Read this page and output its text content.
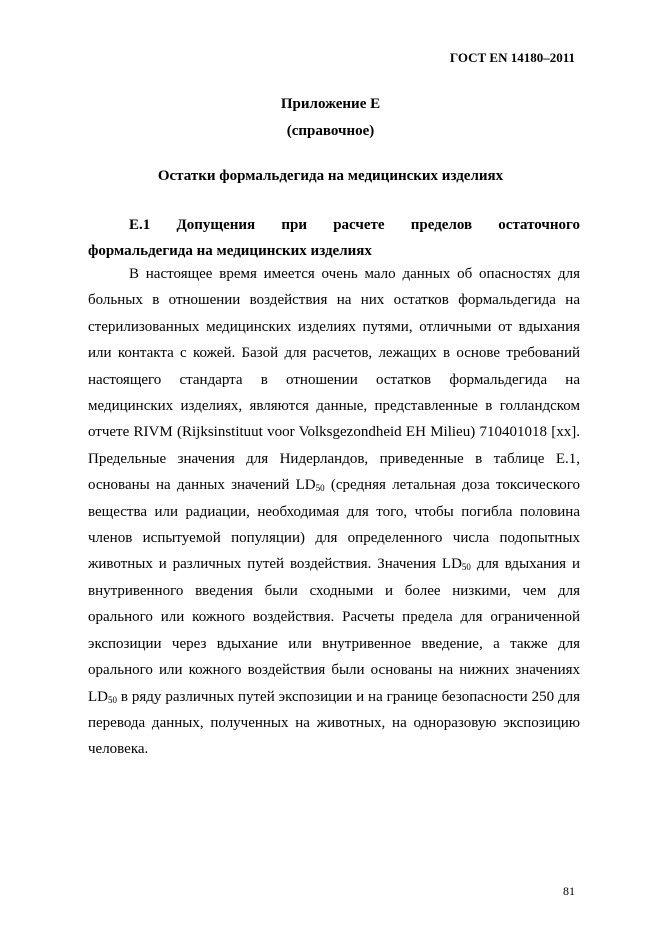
ГОСТ EN 14180–2011
Приложение Е
(справочное)
Остатки формальдегида на медицинских изделиях
Е.1 Допущения при расчете пределов остаточного
формальдегида на медицинских изделиях
В настоящее время имеется очень мало данных об опасностях для больных в отношении воздействия на них остатков формальдегида на стерилизованных медицинских изделиях путями, отличными от вдыхания или контакта с кожей. Базой для расчетов, лежащих в основе требований настоящего стандарта в отношении остатков формальдегида на медицинских изделиях, являются данные, представленные в голландском отчете RIVM (Rijksinstituut voor Volksgezondheid EH Milieu) 710401018 [xx]. Предельные значения для Нидерландов, приведенные в таблице Е.1, основаны на данных значений $LD_{50}$ (средняя летальная доза токсического вещества или радиации, необходимая для того, чтобы погибла половина членов испытуемой популяции) для определенного числа подопытных животных и различных путей воздействия. Значения $LD_{50}$ для вдыхания и внутривенного введения были сходными и более низкими, чем для орального или кожного воздействия. Расчеты предела для ограниченной экспозиции через вдыхание или внутривенное введение, а также для орального или кожного воздействия были основаны на нижних значениях $LD_{50}$ в ряду различных путей экспозиции и на границе безопасности 250 для перевода данных, полученных на животных, на одноразовую экспозицию человека.
81
